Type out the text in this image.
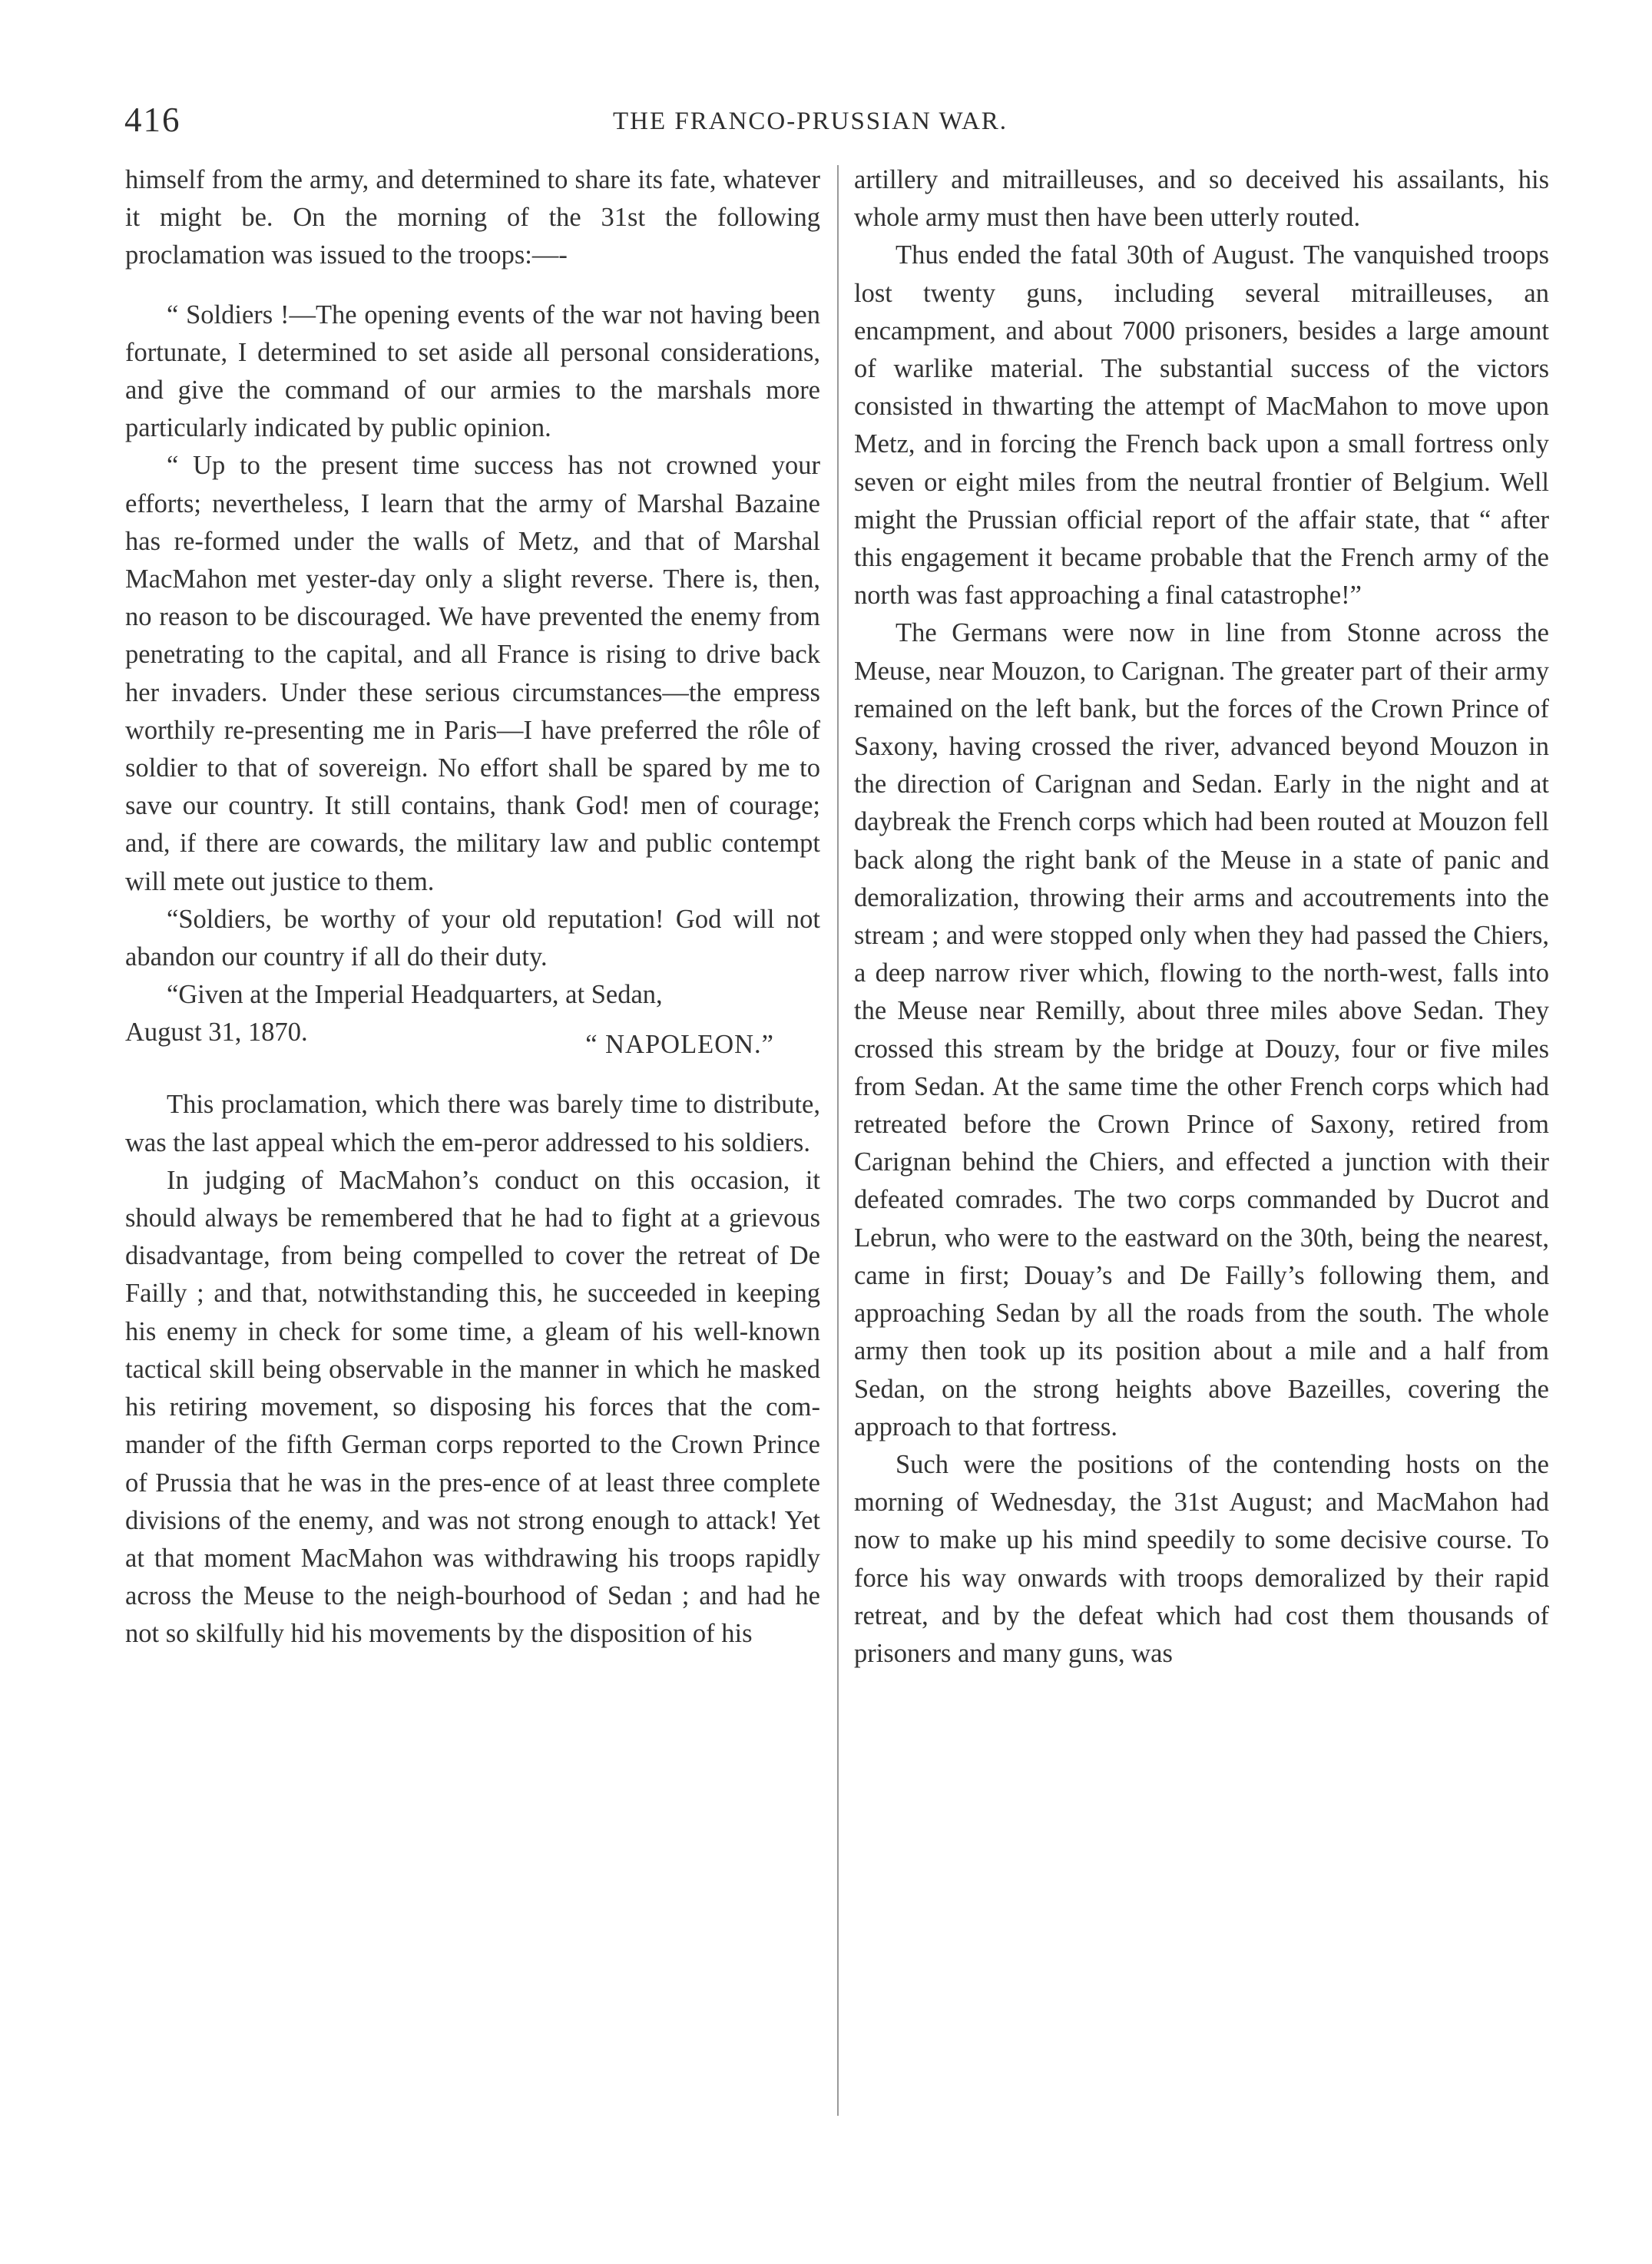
416	THE FRANCO-PRUSSIAN WAR.

himself from the army, and determined to share its fate, whatever it might be. On the morning of the 31st the following proclamation was issued to the troops:—-

“ Soldiers !—The opening events of the war not having been fortunate, I determined to set aside all personal considerations, and give the command of our armies to the marshals more particularly indicated by public opinion.

“ Up to the present time success has not crowned your efforts; nevertheless, I learn that the army of Marshal Bazaine has re-formed under the walls of Metz, and that of Marshal MacMahon met yester-day only a slight reverse. There is, then, no reason to be discouraged. We have prevented the enemy from penetrating to the capital, and all France is rising to drive back her invaders. Under these serious circumstances—the empress worthily re-presenting me in Paris—I have preferred the rôle of soldier to that of sovereign. No effort shall be spared by me to save our country. It still contains, thank God! men of courage; and, if there are cowards, the military law and public contempt will mete out justice to them.

“Soldiers, be worthy of your old reputation! God will not abandon our country if all do their duty.

“Given at the Imperial Headquarters, at Sedan,

August 31, 1870.	“ NAPOLEON.”

This proclamation, which there was barely time to distribute, was the last appeal which the em-peror addressed to his soldiers.

In judging of MacMahon’s conduct on this occasion, it should always be remembered that he had to fight at a grievous disadvantage, from being compelled to cover the retreat of De Failly ; and that, notwithstanding this, he succeeded in keeping his enemy in check for some time, a gleam of his well-known tactical skill being observable in the manner in which he masked his retiring movement, so disposing his forces that the com-mander of the fifth German corps reported to the Crown Prince of Prussia that he was in the pres-ence of at least three complete divisions of the enemy, and was not strong enough to attack! Yet at that moment MacMahon was withdrawing his troops rapidly across the Meuse to the neigh-bourhood of Sedan ; and had he not so skilfully hid his movements by the disposition of his

artillery and mitrailleuses, and so deceived his assailants, his whole army must then have been utterly routed.

Thus ended the fatal 30th of August. The vanquished troops lost twenty guns, including several mitrailleuses, an encampment, and about 7000 prisoners, besides a large amount of warlike material. The substantial success of the victors consisted in thwarting the attempt of MacMahon to move upon Metz, and in forcing the French back upon a small fortress only seven or eight miles from the neutral frontier of Belgium. Well might the Prussian official report of the affair state, that “ after this engagement it became probable that the French army of the north was fast approaching a final catastrophe!”

The Germans were now in line from Stonne across the Meuse, near Mouzon, to Carignan. The greater part of their army remained on the left bank, but the forces of the Crown Prince of Saxony, having crossed the river, advanced beyond Mouzon in the direction of Carignan and Sedan. Early in the night and at daybreak the French corps which had been routed at Mouzon fell back along the right bank of the Meuse in a state of panic and demoralization, throwing their arms and accoutrements into the stream ; and were stopped only when they had passed the Chiers, a deep narrow river which, flowing to the north-west, falls into the Meuse near Remilly, about three miles above Sedan. They crossed this stream by the bridge at Douzy, four or five miles from Sedan. At the same time the other French corps which had retreated before the Crown Prince of Saxony, retired from Carignan behind the Chiers, and effected a junction with their defeated comrades. The two corps commanded by Ducrot and Lebrun, who were to the eastward on the 30th, being the nearest, came in first; Douay’s and De Failly’s following them, and approaching Sedan by all the roads from the south. The whole army then took up its position about a mile and a half from Sedan, on the strong heights above Bazeilles, covering the approach to that fortress.

Such were the positions of the contending hosts on the morning of Wednesday, the 31st August; and MacMahon had now to make up his mind speedily to some decisive course. To force his way onwards with troops demoralized by their rapid retreat, and by the defeat which had cost them thousands of prisoners and many guns, was
